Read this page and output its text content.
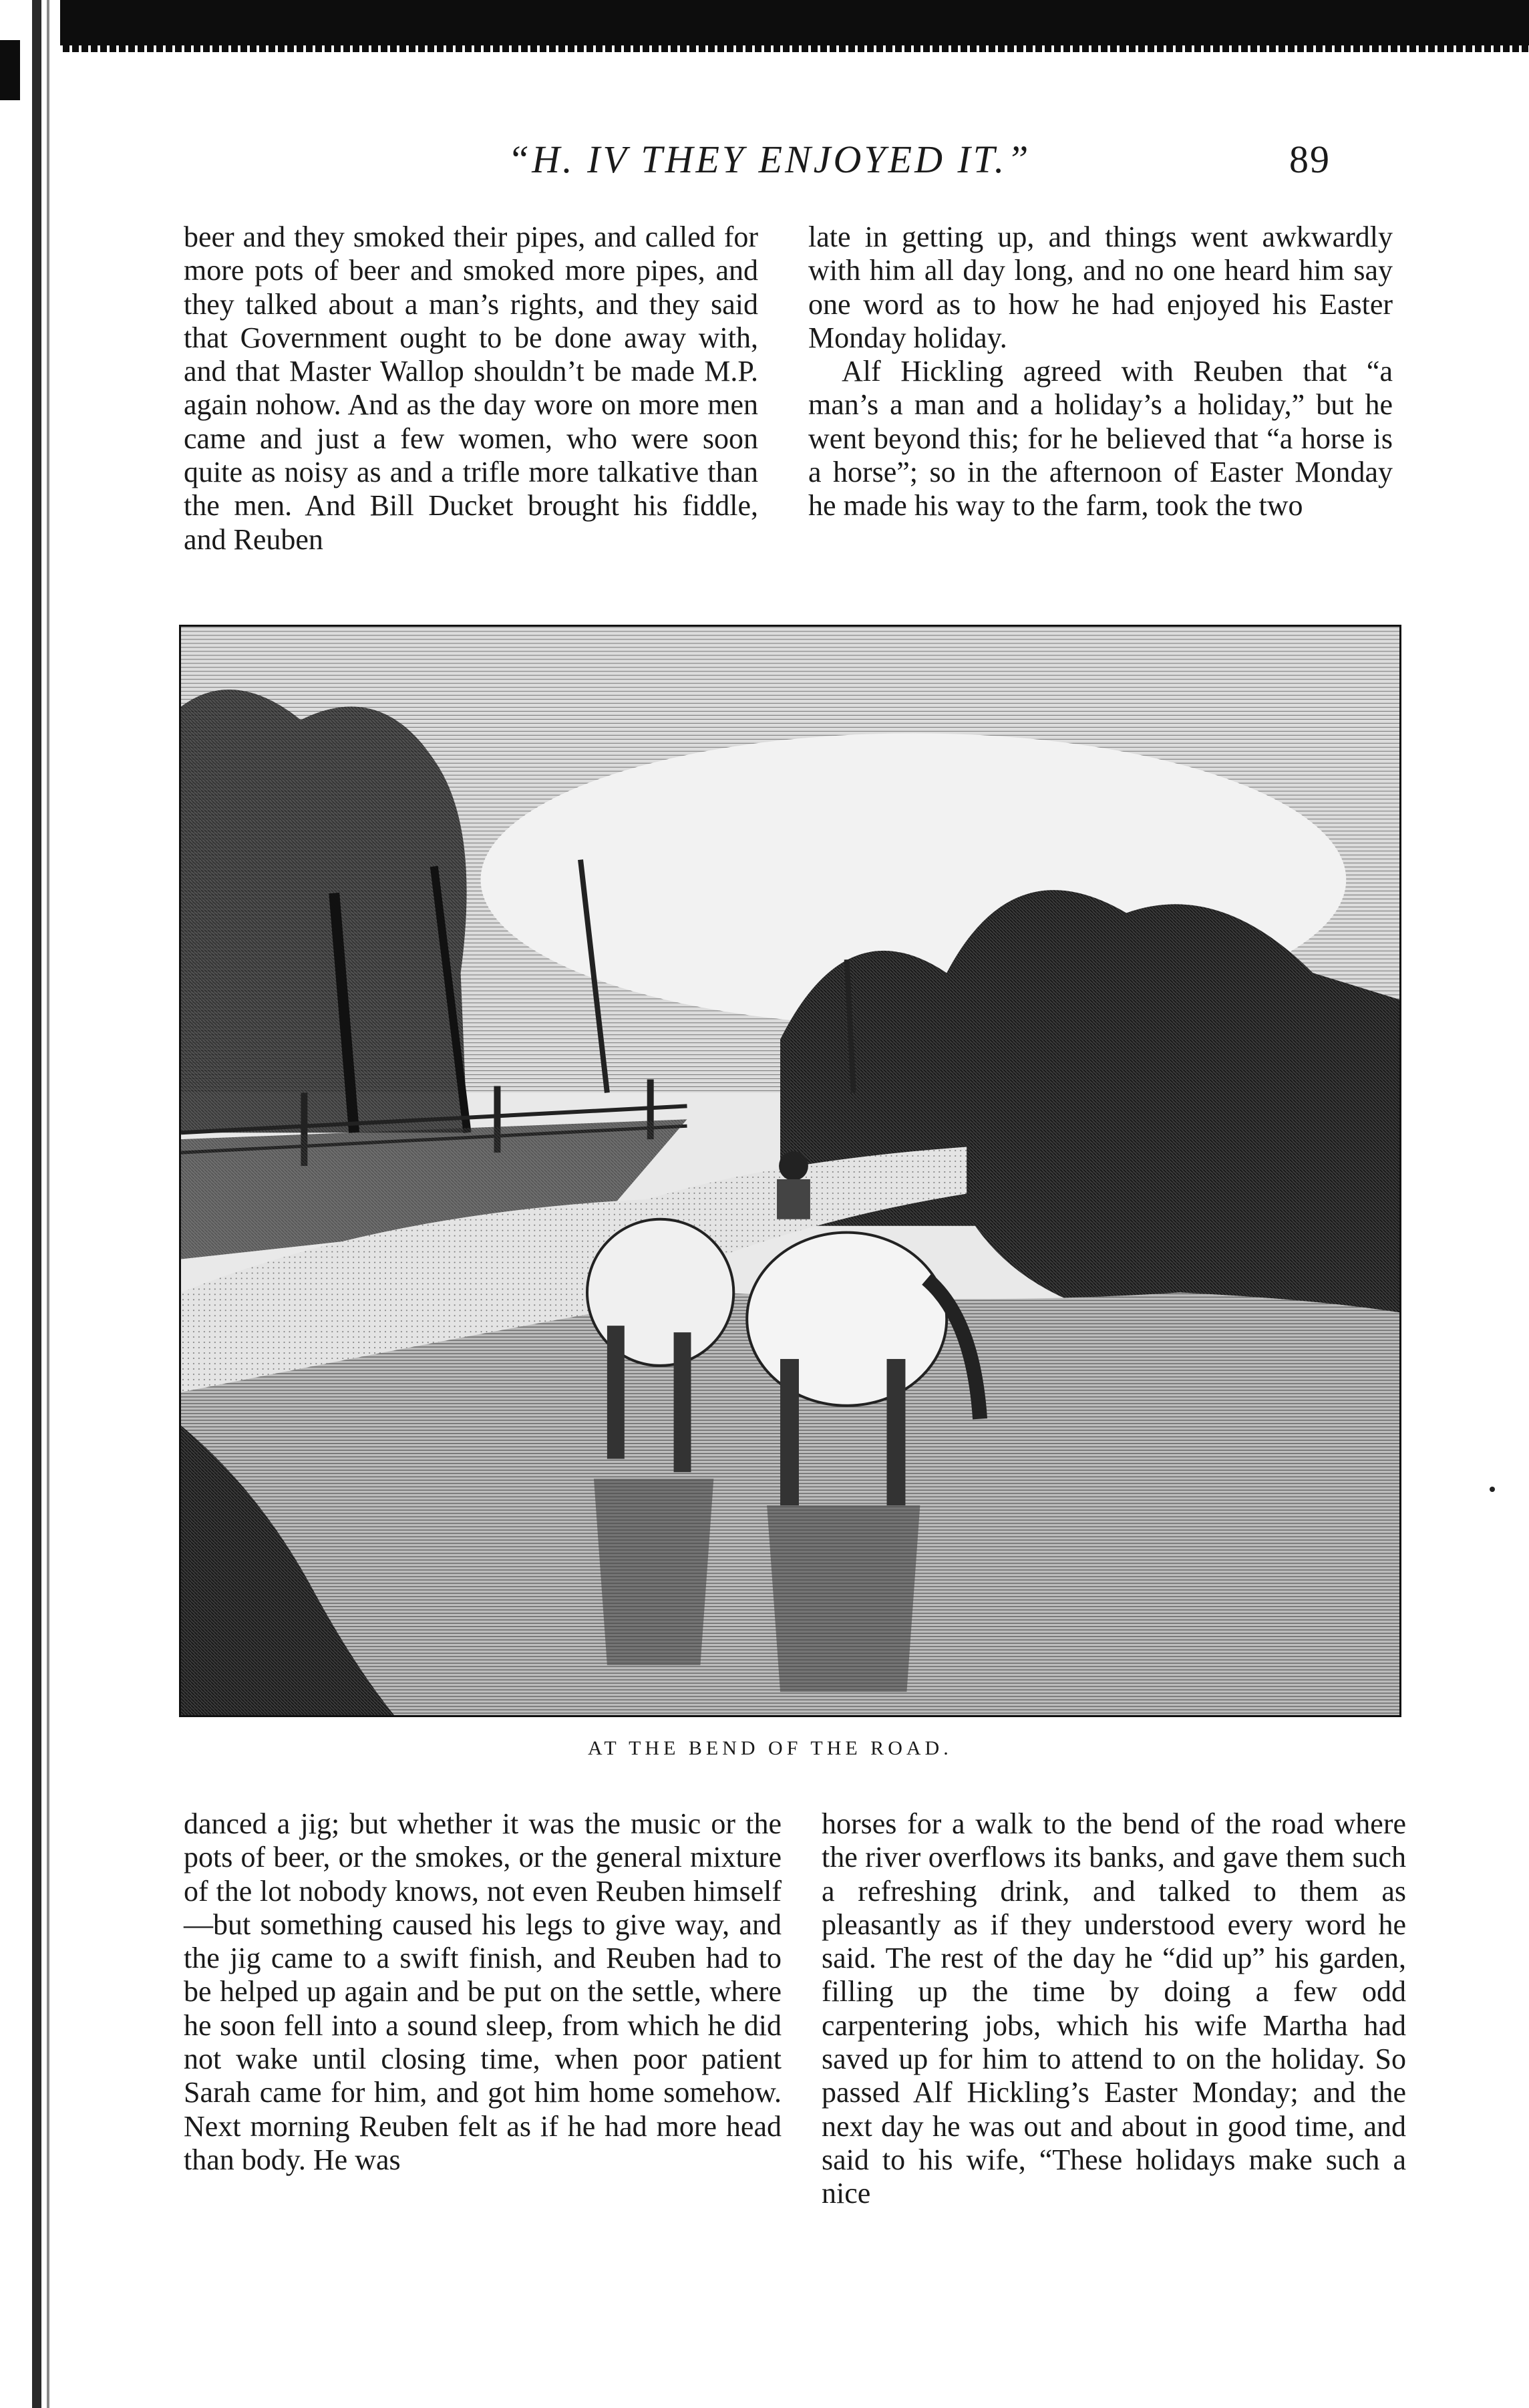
“H. IV THEY ENJOYED IT.”	89

beer and they smoked their pipes, and called for more pots of beer and smoked more pipes, and they talked about a man’s rights, and they said that Government ought to be done away with, and that Master Wallop shouldn’t be made M.P. again nohow. And as the day wore on more men came and just a few women, who were soon quite as noisy as and a trifle more talkative than the men. And Bill Ducket brought his fiddle, and Reuben

late in getting up, and things went awkwardly with him all day long, and no one heard him say one word as to how he had enjoyed his Easter Monday holiday.

Alf Hickling agreed with Reuben that “a man’s a man and a holiday’s a holiday,” but he went beyond this; for he believed that “a horse is a horse”; so in the afternoon of Easter Monday he made his way to the farm, took the two

AT THE BEND OF THE ROAD.

danced a jig; but whether it was the music or the pots of beer, or the smokes, or the general mixture of the lot nobody knows, not even Reuben himself—but something caused his legs to give way, and the jig came to a swift finish, and Reuben had to be helped up again and be put on the settle, where he soon fell into a sound sleep, from which he did not wake until closing time, when poor patient Sarah came for him, and got him home somehow. Next morning Reuben felt as if he had more head than body. He was

horses for a walk to the bend of the road where the river overflows its banks, and gave them such a refreshing drink, and talked to them as pleasantly as if they understood every word he said. The rest of the day he “did up” his garden, filling up the time by doing a few odd carpentering jobs, which his wife Martha had saved up for him to attend to on the holiday. So passed Alf Hickling’s Easter Monday; and the next day he was out and about in good time, and said to his wife, “These holidays make such a nice
